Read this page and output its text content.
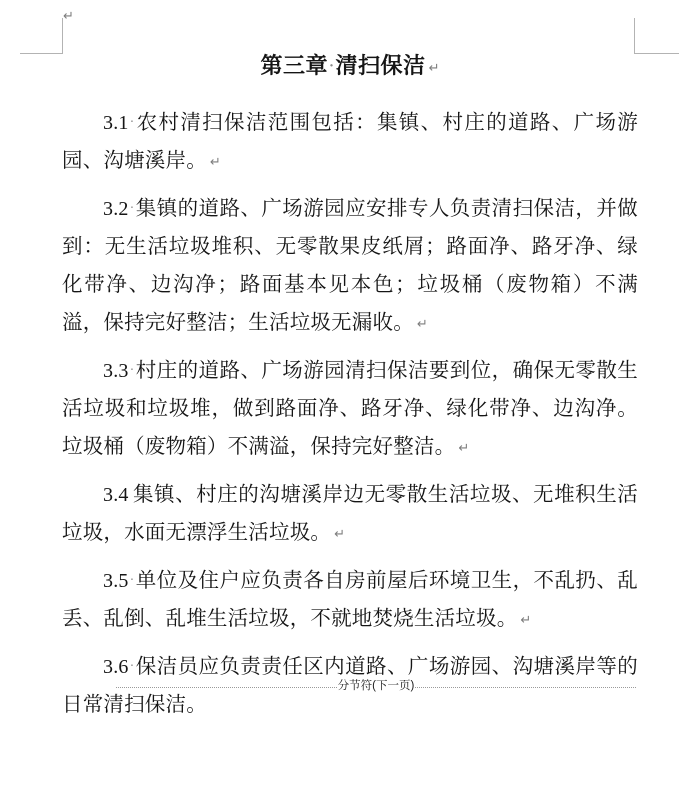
↵
第三章·清扫保洁 ↵

3.1·农村清扫保洁范围包括：集镇、村庄的道路、广场游园、沟塘溪岸。 ↵

3.2·集镇的道路、广场游园应安排专人负责清扫保洁，并做到：无生活垃圾堆积、无零散果皮纸屑；路面净、路牙净、绿化带净、边沟净；路面基本见本色；垃圾桶（废物箱）不满溢，保持完好整洁；生活垃圾无漏收。 ↵

3.3·村庄的道路、广场游园清扫保洁要到位，确保无零散生活垃圾和垃圾堆，做到路面净、路牙净、绿化带净、边沟净。垃圾桶（废物箱）不满溢，保持完好整洁。 ↵

3.4 集镇、村庄的沟塘溪岸边无零散生活垃圾、无堆积生活垃圾，水面无漂浮生活垃圾。 ↵

3.5·单位及住户应负责各自房前屋后环境卫生，不乱扔、乱丢、乱倒、乱堆生活垃圾，不就地焚烧生活垃圾。 ↵

3.6·保洁员应负责责任区内道路、广场游园、沟塘溪岸等的日常清扫保洁。

分节符(下一页)
